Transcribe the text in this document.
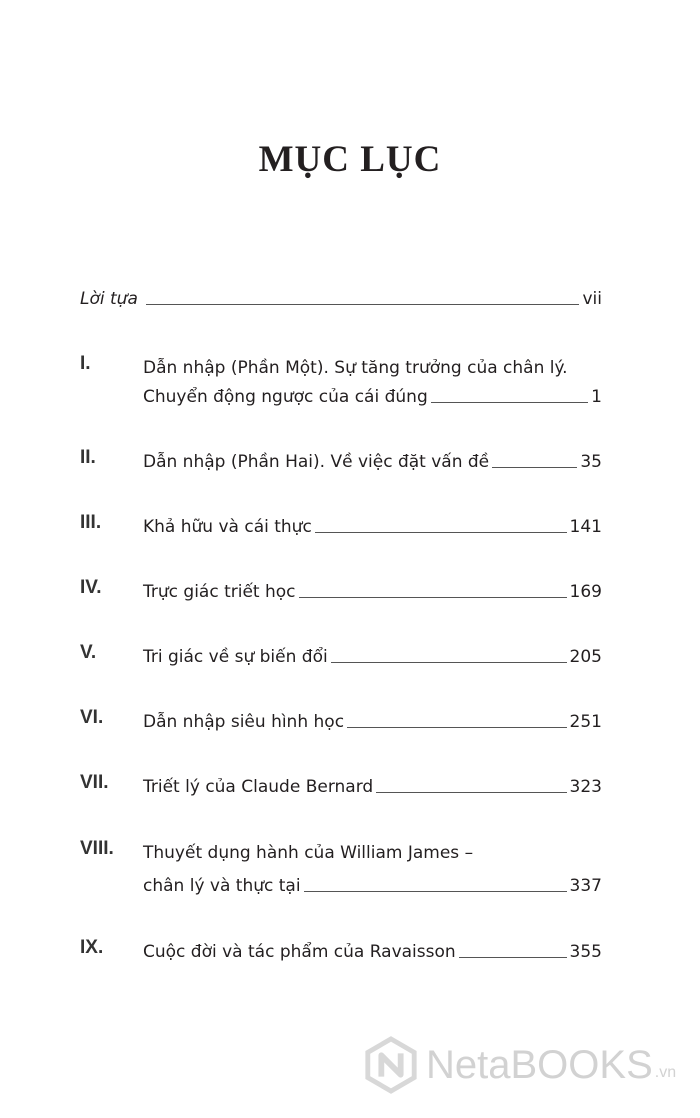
MỤC LỤC
Lời tựa	vii
I.	Dẫn nhập (Phần Một). Sự tăng trưởng của chân lý.
Chuyển động ngược của cái đúng	1
II.	Dẫn nhập (Phần Hai). Về việc đặt vấn đề	35
III. Khả hữu và cái thực	141
IV. Trực giác triết học	169
V.	Tri giác về sự biến đổi	205
VI. Dẫn nhập siêu hình học	251
VII. Triết lý của Claude Bernard	323
VIII. Thuyết dụng hành của William James –
chân lý và thực tại	337
IX. Cuộc đời và tác phẩm của Ravaisson	355
NetaBOOKS .vn
